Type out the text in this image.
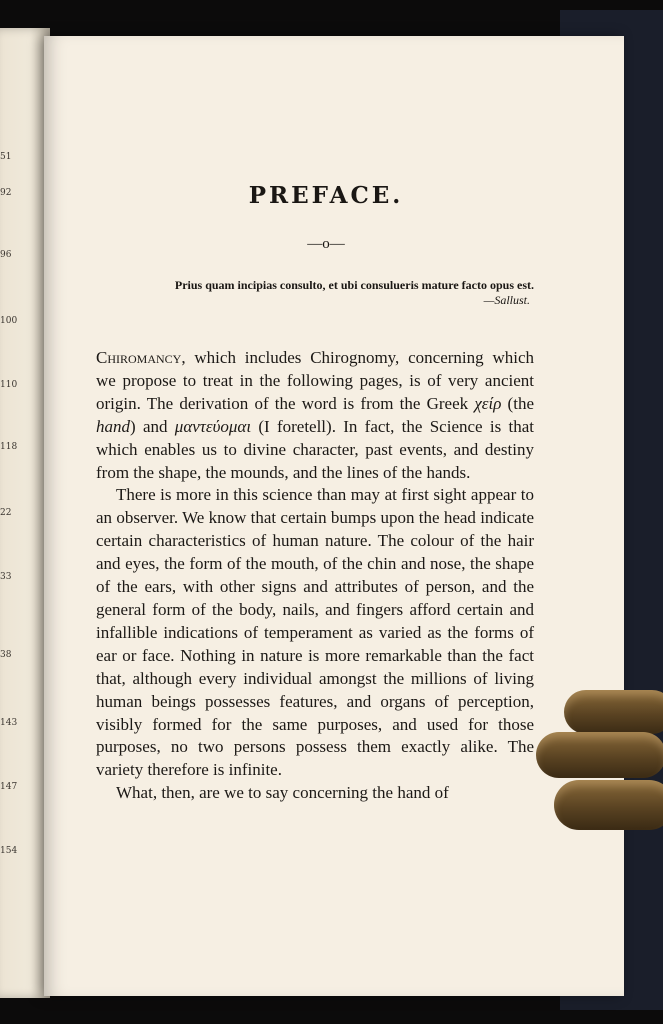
51
92
96
100
110
118
22
33
38
143
147
154
PREFACE.
—o—
Prius quam incipias consulto, et ubi consulueris mature facto opus est.
—Sallust.

Chiromancy, which includes Chirognomy, concerning which we propose to treat in the following pages, is of very ancient origin. The derivation of the word is from the Greek χείρ (the hand) and μαντεύομαι (I foretell). In fact, the Science is that which enables us to divine character, past events, and destiny from the shape, the mounds, and the lines of the hands.

There is more in this science than may at first sight appear to an observer. We know that certain bumps upon the head indicate certain characteristics of human nature. The colour of the hair and eyes, the form of the mouth, of the chin and nose, the shape of the ears, with other signs and attributes of person, and the general form of the body, nails, and fingers afford certain and infallible indications of temperament as varied as the forms of ear or face. Nothing in nature is more remarkable than the fact that, although every individual amongst the millions of living human beings possesses features, and organs of perception, visibly formed for the same purposes, and used for those purposes, no two persons possess them exactly alike. The variety therefore is infinite.

What, then, are we to say concerning the hand of
